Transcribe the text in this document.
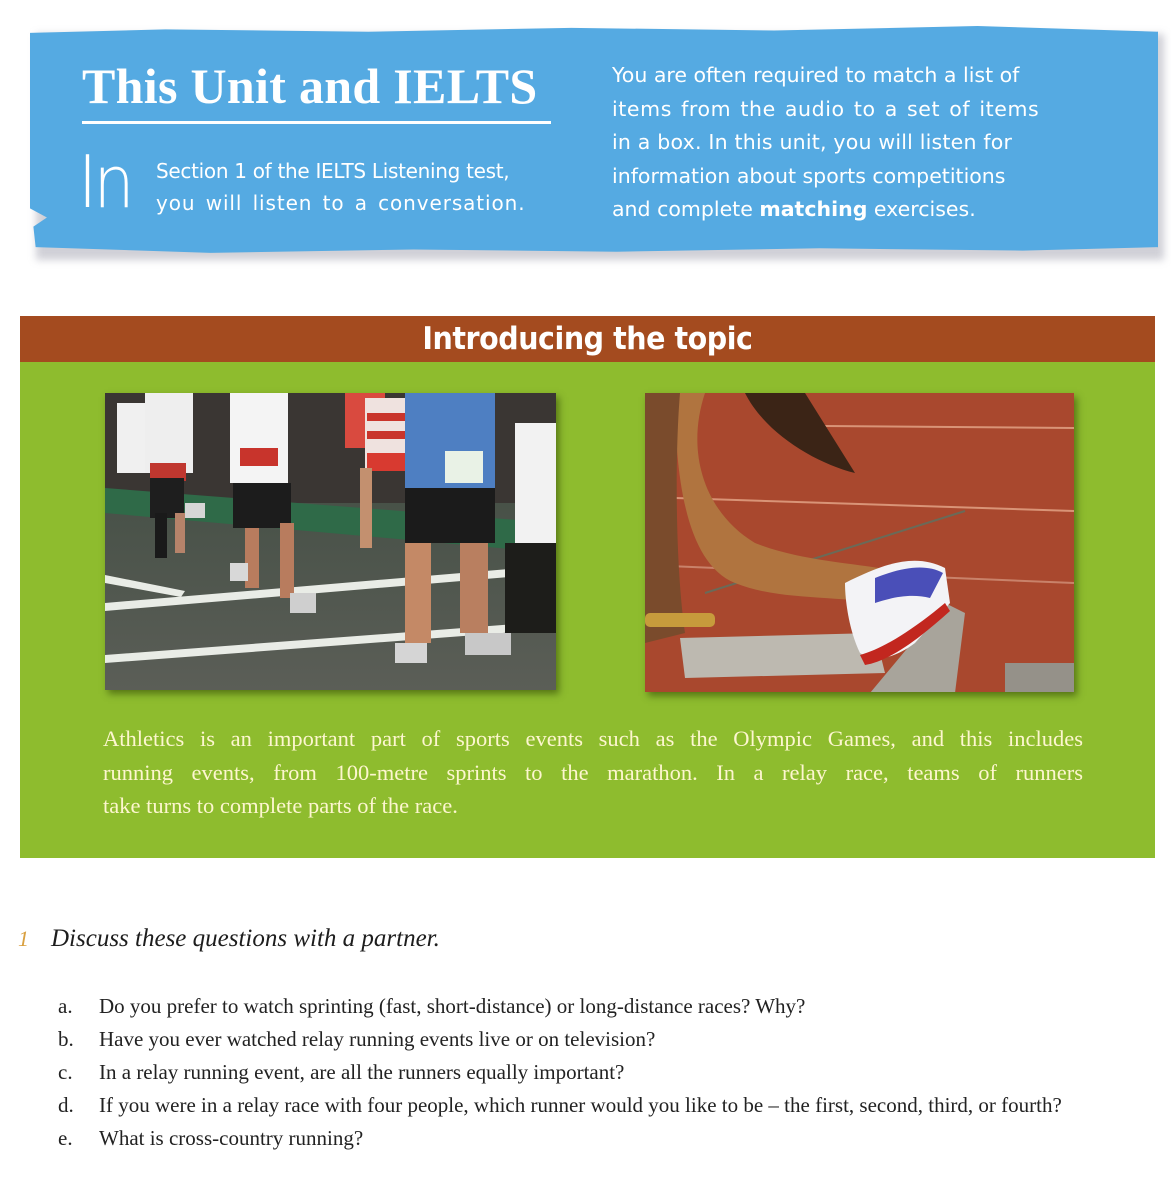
This Unit and IELTS
In Section 1 of the IELTS Listening test,
you will listen to a conversation.
You are often required to match a list of
items from the audio to a set of items
in a box. In this unit, you will listen for
information about sports competitions
and complete matching exercises.
Introducing the topic
Athletics is an important part of sports events such as the Olympic Games, and this includes
running events, from 100-metre sprints to the marathon. In a relay race, teams of runners
take turns to complete parts of the race.
1 Discuss these questions with a partner.
a. Do you prefer to watch sprinting (fast, short-distance) or long-distance races? Why?
b. Have you ever watched relay running events live or on television?
c. In a relay running event, are all the runners equally important?
d. If you were in a relay race with four people, which runner would you like to be – the first, second, third, or fourth?
e. What is cross-country running?
